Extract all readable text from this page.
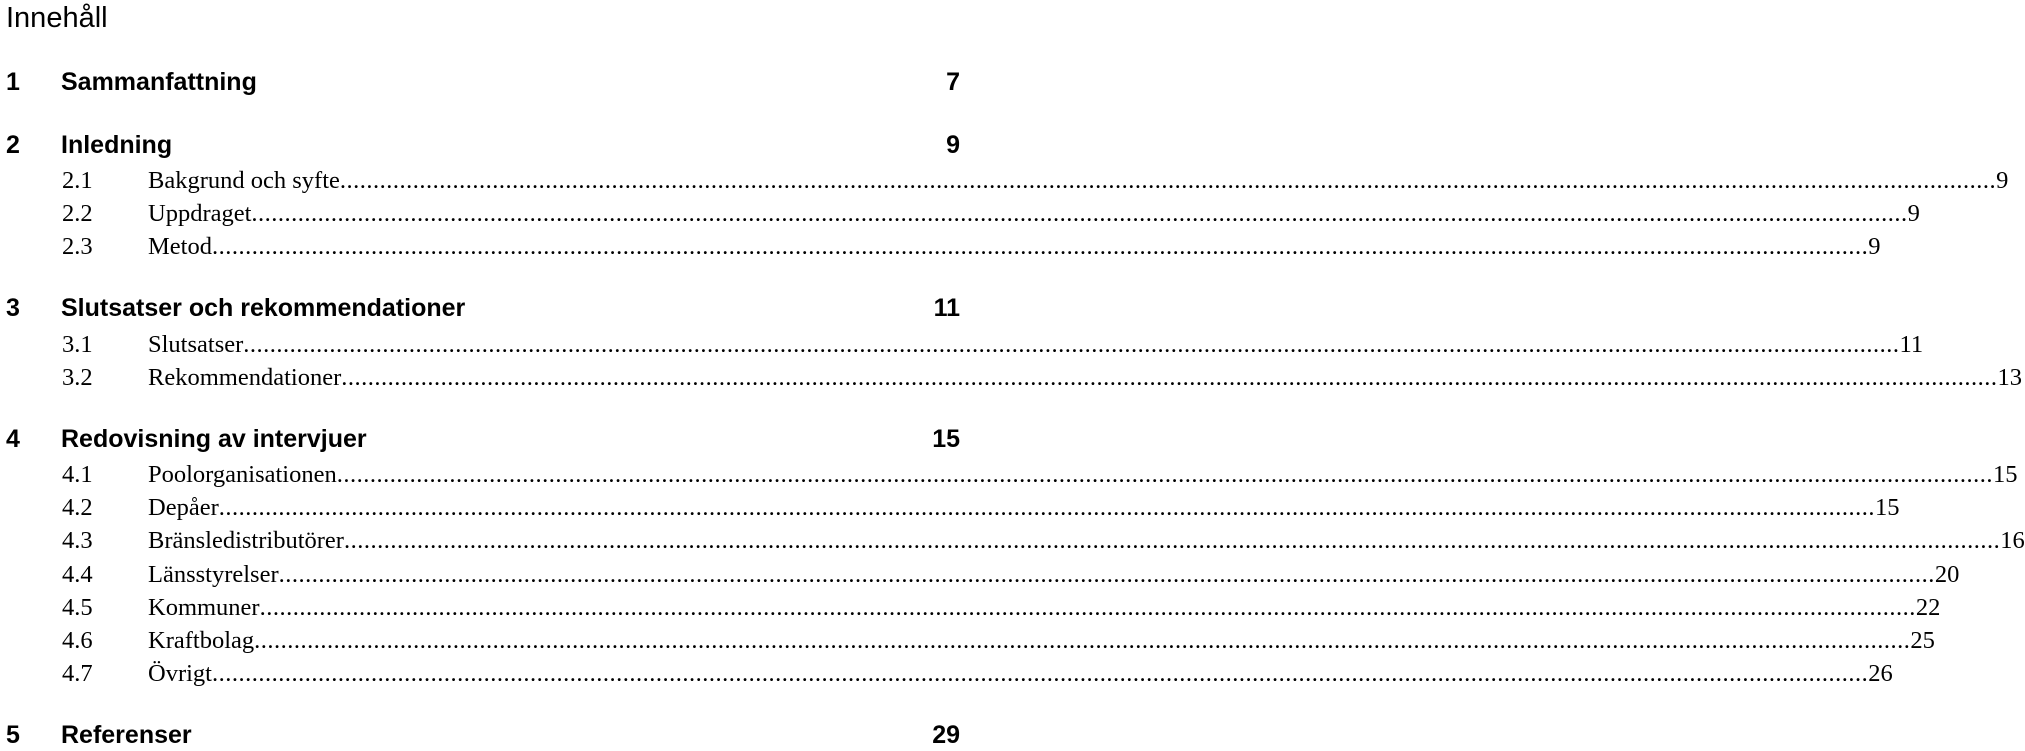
Innehåll
1 Sammanfattning	7
2 Inledning	9
2.1	Bakgrund och syfte .....	9
2.2	Uppdraget .....	9
2.3	Metod .....	9
3 Slutsatser och rekommendationer	11
3.1	Slutsatser .....	11
3.2	Rekommendationer .....	13
4 Redovisning av intervjuer	15
4.1	Poolorganisationen .....	15
4.2	Depåer .....	15
4.3	Bränsledistributörer .....	16
4.4	Länsstyrelser .....	20
4.5	Kommuner .....	22
4.6	Kraftbolag .....	25
4.7	Övrigt .....	26
5 Referenser	29
